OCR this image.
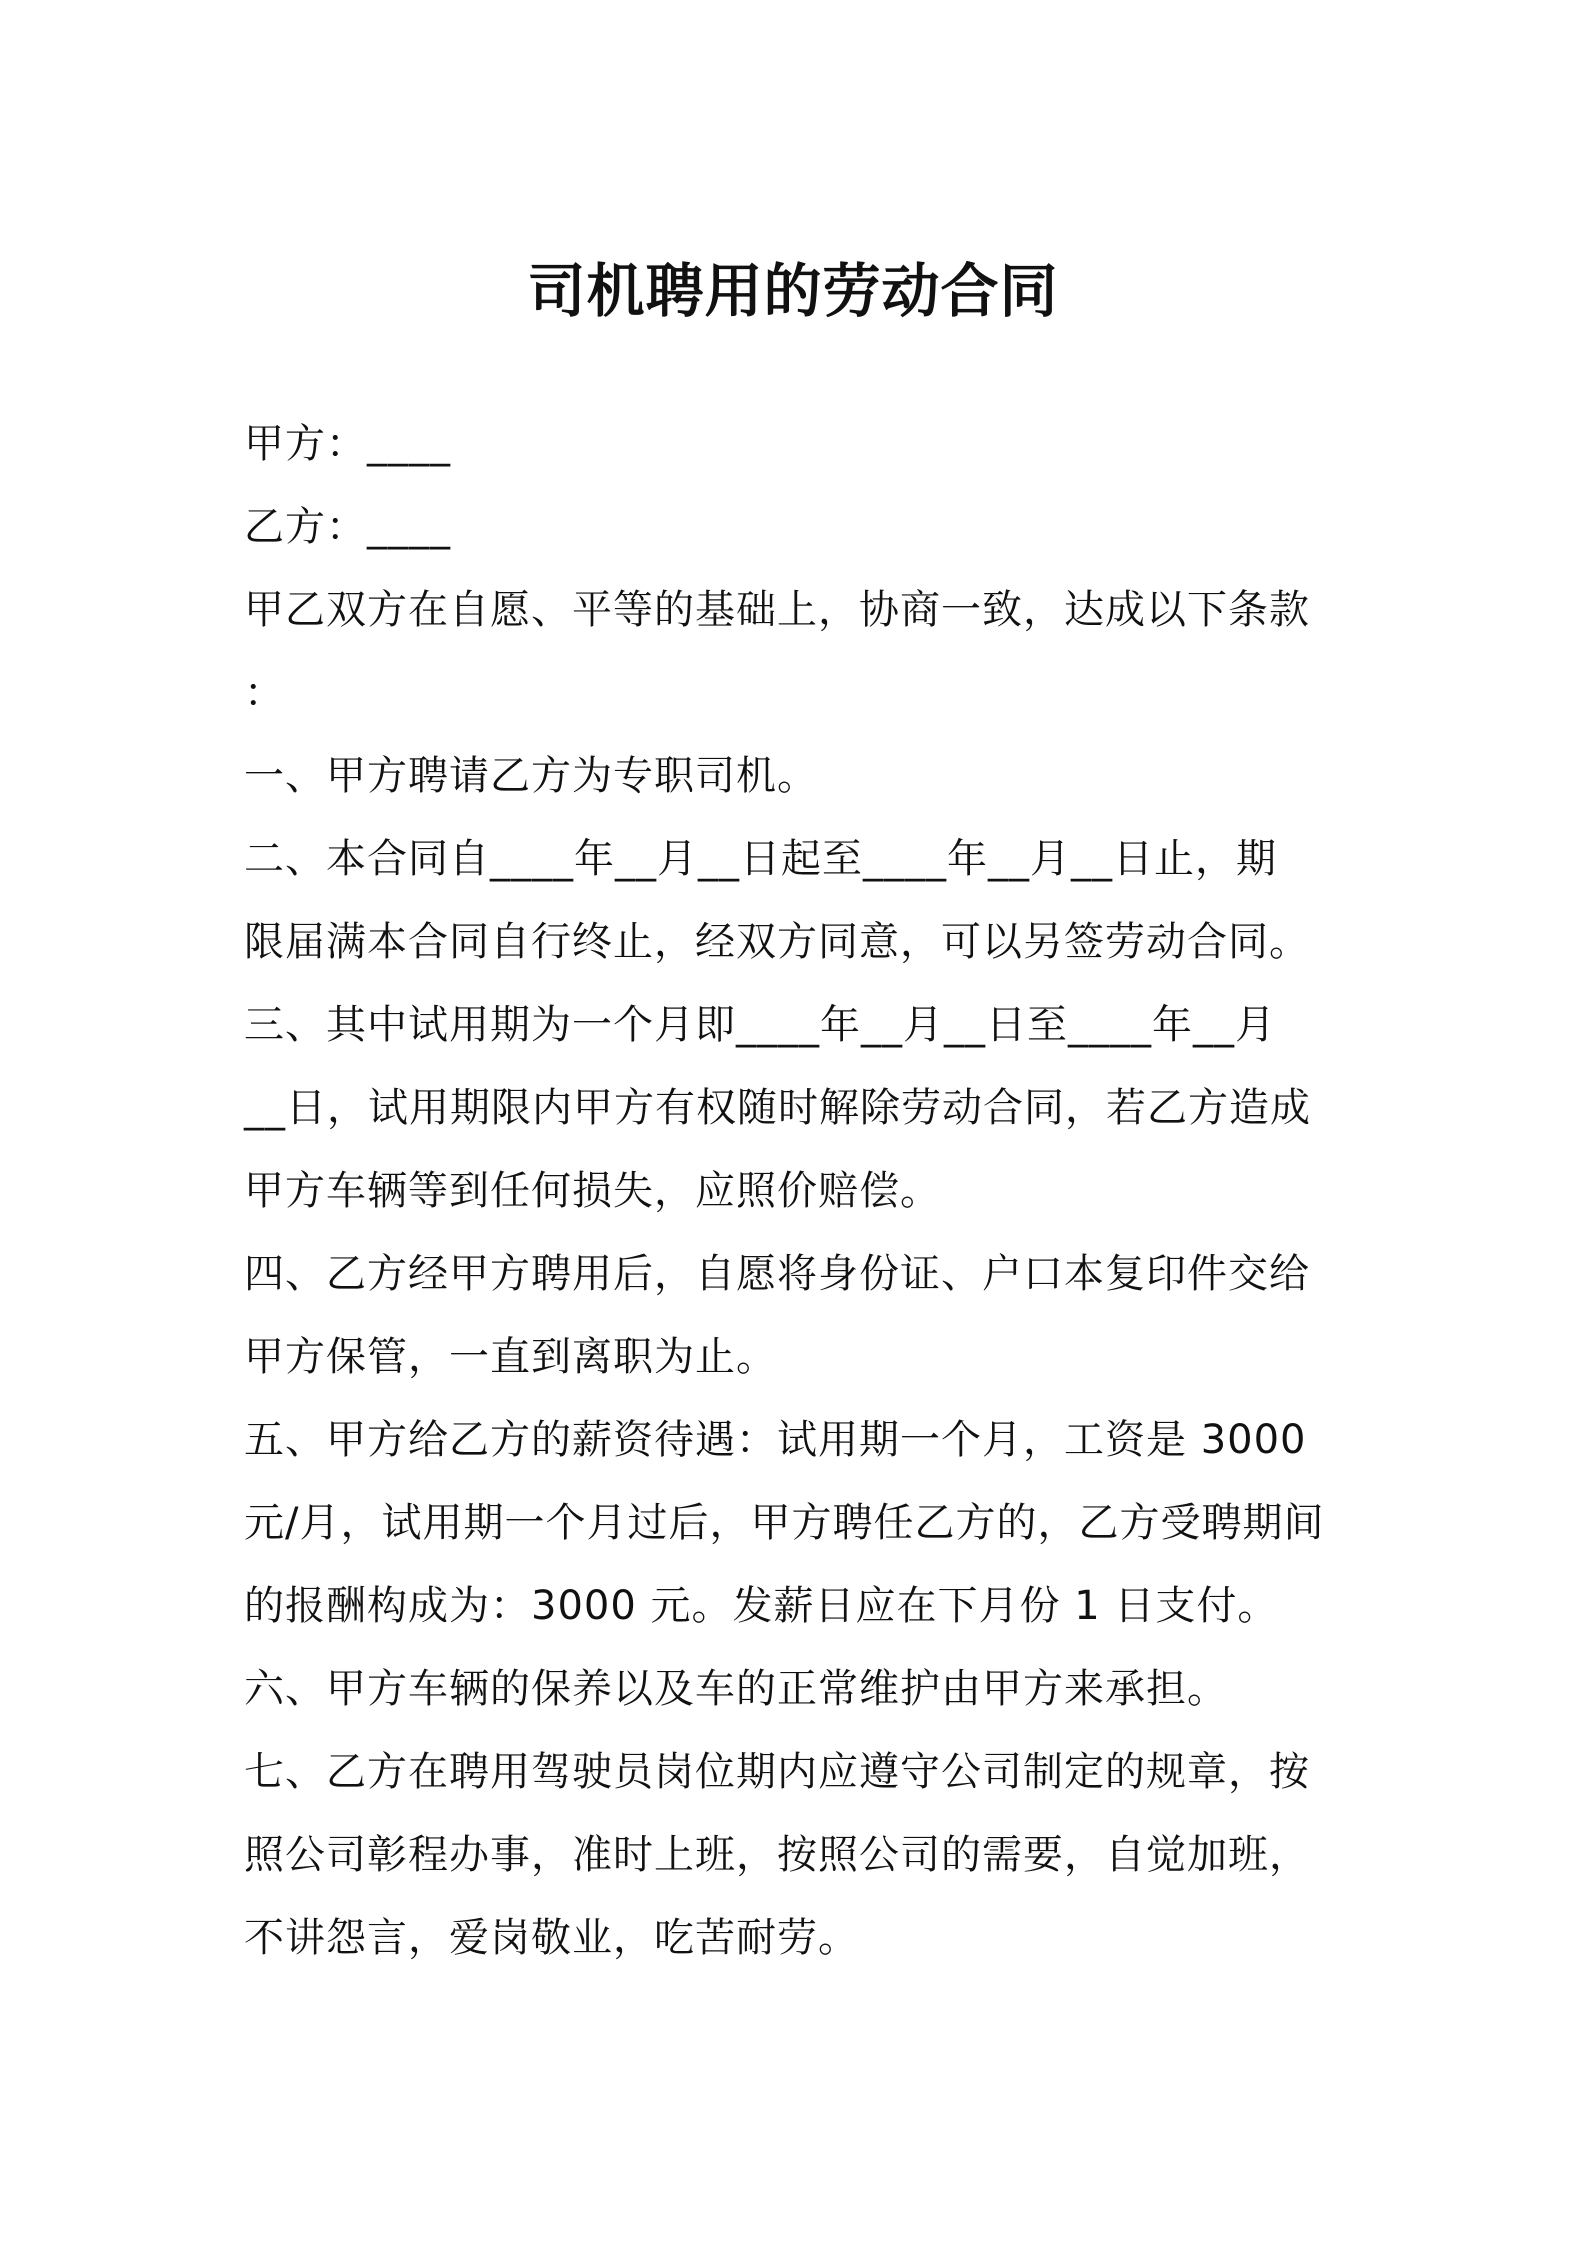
司机聘用的劳动合同
甲方：____
乙方：____
甲乙双方在自愿、平等的基础上，协商一致，达成以下条款
：
一、甲方聘请乙方为专职司机。
二、本合同自____年__月__日起至____年__月__日止，期
限届满本合同自行终止，经双方同意，可以另签劳动合同。
三、其中试用期为一个月即____年__月__日至____年__月
__日，试用期限内甲方有权随时解除劳动合同，若乙方造成
甲方车辆等到任何损失，应照价赔偿。
四、乙方经甲方聘用后，自愿将身份证、户口本复印件交给
甲方保管，一直到离职为止。
五、甲方给乙方的薪资待遇：试用期一个月，工资是 3000
元/月，试用期一个月过后，甲方聘任乙方的，乙方受聘期间
的报酬构成为：3000 元。发薪日应在下月份 1 日支付。
六、甲方车辆的保养以及车的正常维护由甲方来承担。
七、乙方在聘用驾驶员岗位期内应遵守公司制定的规章，按
照公司彰程办事，准时上班，按照公司的需要，自觉加班，
不讲怨言，爱岗敬业，吃苦耐劳。
